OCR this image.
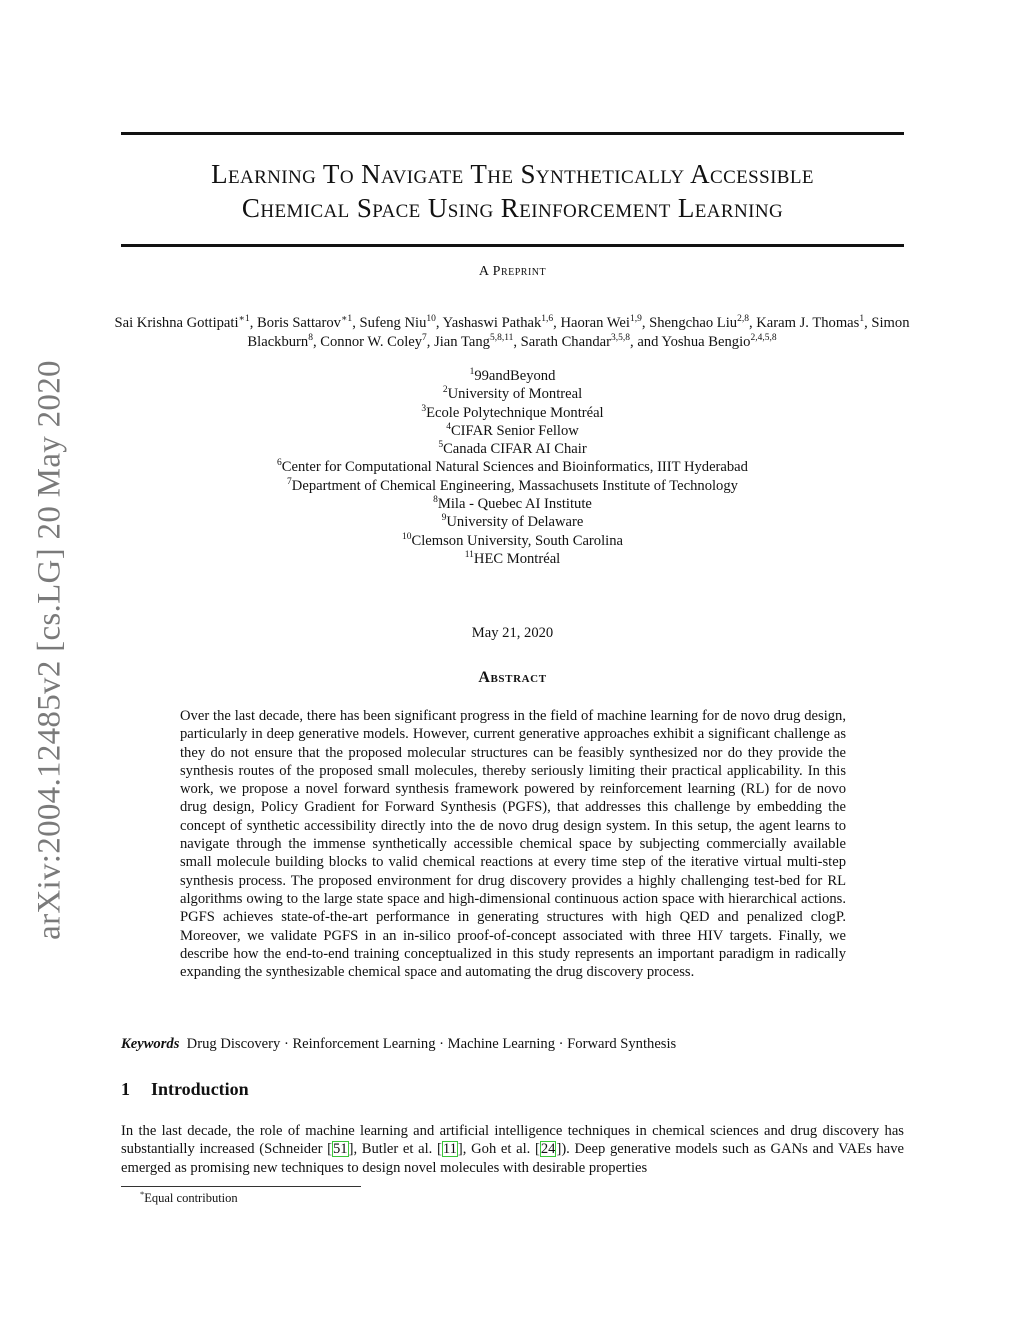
arXiv:2004.12485v2 [cs.LG] 20 May 2020
Learning To Navigate The Synthetically Accessible
Chemical Space Using Reinforcement Learning
A Preprint
Sai Krishna Gottipati$^{∗1}$, Boris Sattarov$^{∗1}$, Sufeng Niu$^{10}$, Yashaswi Pathak$^{1,6}$, Haoran Wei$^{1,9}$, Shengchao Liu$^{2,8}$, Karam J. Thomas$^1$, Simon Blackburn$^8$, Connor W. Coley$^7$, Jian Tang$^{5,8,11}$, Sarath Chandar$^{3,5,8}$, and Yoshua Bengio$^{2,4,5,8}$
$^1$99andBeyond
$^2$University of Montreal
$^3$Ecole Polytechnique Montréal
$^4$CIFAR Senior Fellow
$^5$Canada CIFAR AI Chair
$^6$Center for Computational Natural Sciences and Bioinformatics, IIIT Hyderabad
$^7$Department of Chemical Engineering, Massachusets Institute of Technology
$^8$Mila - Quebec AI Institute
$^9$University of Delaware
$^{10}$Clemson University, South Carolina
$^{11}$HEC Montréal
May 21, 2020
Abstract
Over the last decade, there has been significant progress in the field of machine learning for de novo drug design, particularly in deep generative models. However, current generative approaches exhibit a significant challenge as they do not ensure that the proposed molecular structures can be feasibly synthesized nor do they provide the synthesis routes of the proposed small molecules, thereby seriously limiting their practical applicability. In this work, we propose a novel forward synthesis framework powered by reinforcement learning (RL) for de novo drug design, Policy Gradient for Forward Synthesis (PGFS), that addresses this challenge by embedding the concept of synthetic accessibility directly into the de novo drug design system. In this setup, the agent learns to navigate through the immense synthetically accessible chemical space by subjecting commercially available small molecule building blocks to valid chemical reactions at every time step of the iterative virtual multi-step synthesis process. The proposed environment for drug discovery provides a highly challenging test-bed for RL algorithms owing to the large state space and high-dimensional continuous action space with hierarchical actions. PGFS achieves state-of-the-art performance in generating structures with high QED and penalized clogP. Moreover, we validate PGFS in an in-silico proof-of-concept associated with three HIV targets. Finally, we describe how the end-to-end training conceptualized in this study represents an important paradigm in radically expanding the synthesizable chemical space and automating the drug discovery process.
Keywords Drug Discovery · Reinforcement Learning · Machine Learning · Forward Synthesis
1 Introduction
In the last decade, the role of machine learning and artificial intelligence techniques in chemical sciences and drug discovery has substantially increased (Schneider [51], Butler et al. [11], Goh et al. [24]). Deep generative models such as GANs and VAEs have emerged as promising new techniques to design novel molecules with desirable properties
*Equal contribution
